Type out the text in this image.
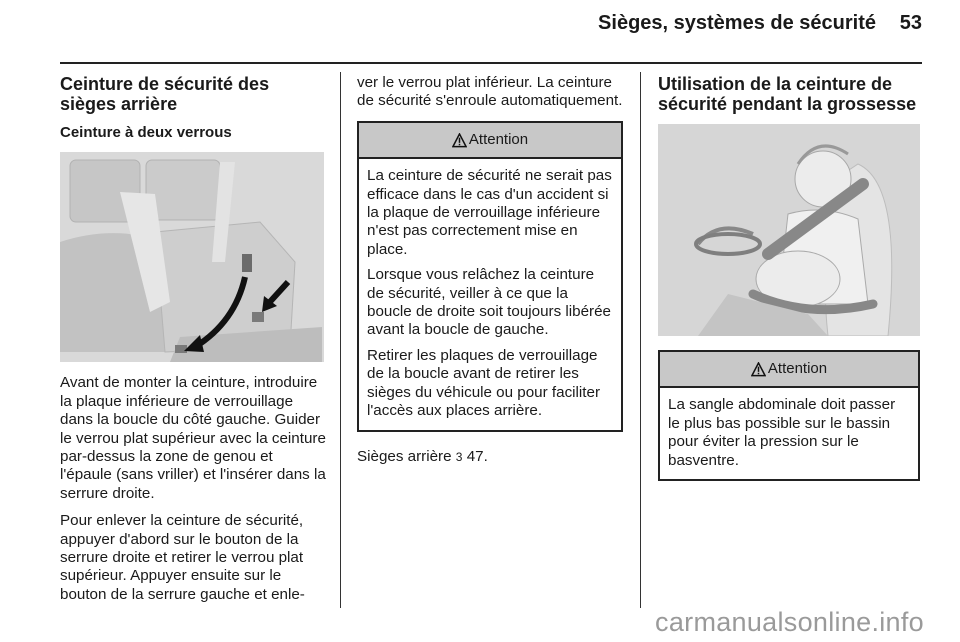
Sièges, systèmes de sécurité 53
Ceinture de sécurité des sièges arrière
Ceinture à deux verrous

Avant de monter la ceinture, introduire la plaque inférieure de verrouillage dans la boucle du côté gauche. Guider le verrou plat supérieur avec la ceinture par-dessus la zone de genou et l'épaule (sans vriller) et l'insérer dans la serrure droite.

Pour enlever la ceinture de sécurité, appuyer d'abord sur le bouton de la serrure droite et retirer le verrou plat supérieur. Appuyer ensuite sur le bouton de la serrure gauche et enle-

ver le verrou plat inférieur. La ceinture de sécurité s'enroule automatiquement.

Attention

La ceinture de sécurité ne serait pas efficace dans le cas d'un accident si la plaque de verrouillage inférieure n'est pas correctement mise en place.

Lorsque vous relâchez la ceinture de sécurité, veiller à ce que la boucle de droite soit toujours libérée avant la boucle de gauche.

Retirer les plaques de verrouillage de la boucle avant de retirer les sièges du véhicule ou pour faciliter l'accès aux places arrière.

Sièges arrière 3 47.

Utilisation de la ceinture de sécurité pendant la grossesse
Attention

La sangle abdominale doit passer le plus bas possible sur le bassin pour éviter la pression sur le basventre.

carmanualsonline.info
